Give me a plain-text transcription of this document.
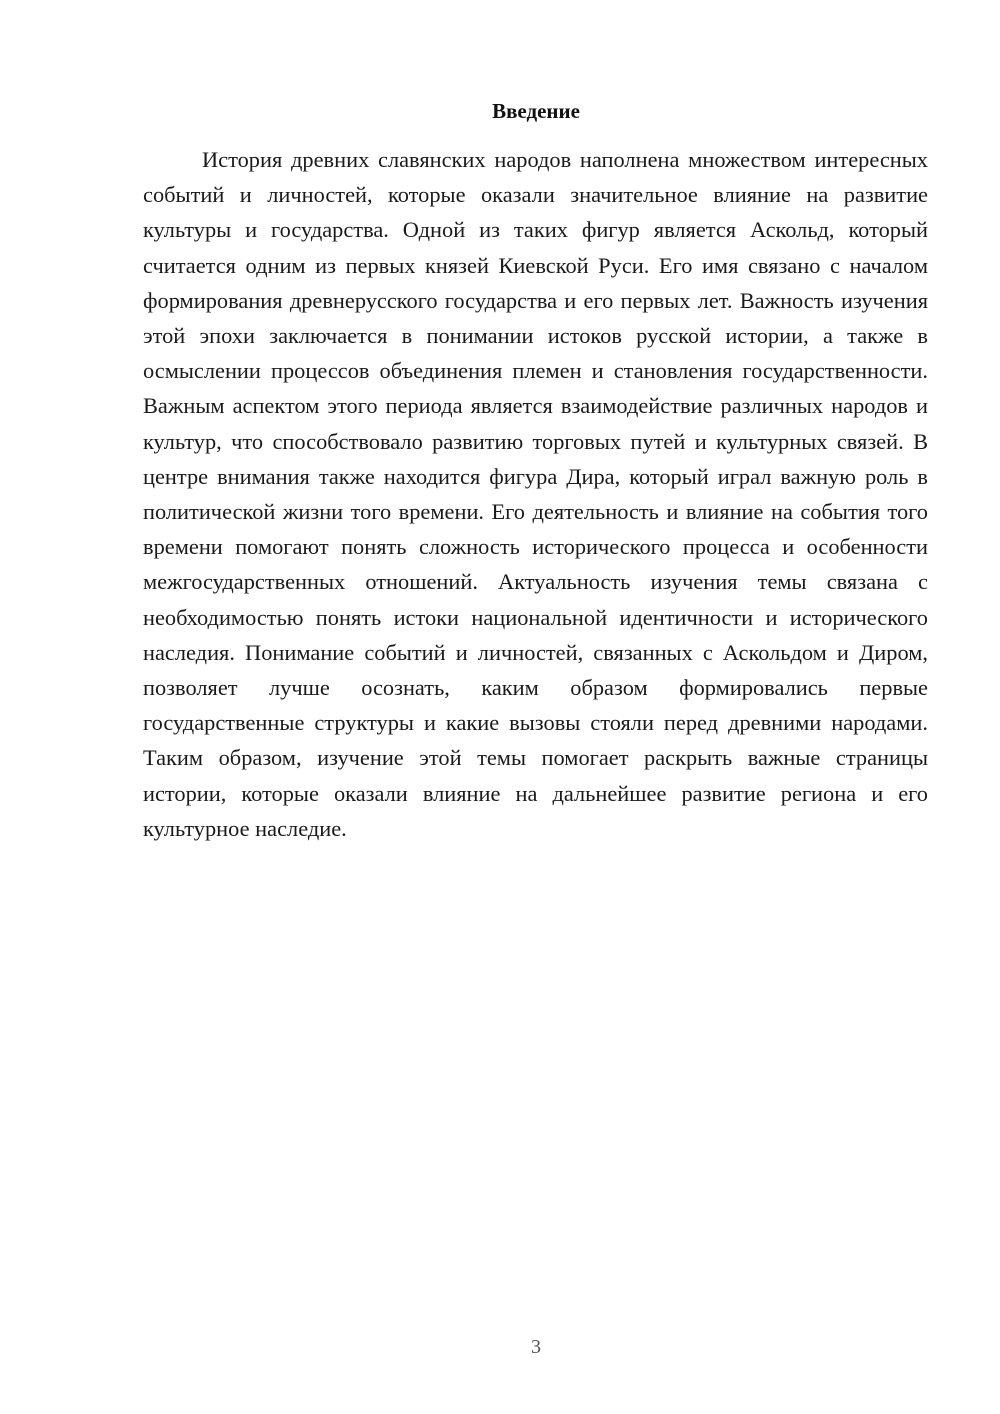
Введение

История древних славянских народов наполнена множеством интересных событий и личностей, которые оказали значительное влияние на развитие культуры и государства. Одной из таких фигур является Аскольд, который считается одним из первых князей Киевской Руси. Его имя связано с началом формирования древнерусского государства и его первых лет. Важность изучения этой эпохи заключается в понимании истоков русской истории, а также в осмыслении процессов объединения племен и становления государственности. Важным аспектом этого периода является взаимодействие различных народов и культур, что способствовало развитию торговых путей и культурных связей. В центре внимания также находится фигура Дира, который играл важную роль в политической жизни того времени. Его деятельность и влияние на события того времени помогают понять сложность исторического процесса и особенности межгосударственных отношений. Актуальность изучения темы связана с необходимостью понять истоки национальной идентичности и исторического наследия. Понимание событий и личностей, связанных с Аскольдом и Диром, позволяет лучше осознать, каким образом формировались первые государственные структуры и какие вызовы стояли перед древними народами. Таким образом, изучение этой темы помогает раскрыть важные страницы истории, которые оказали влияние на дальнейшее развитие региона и его культурное наследие.

3
